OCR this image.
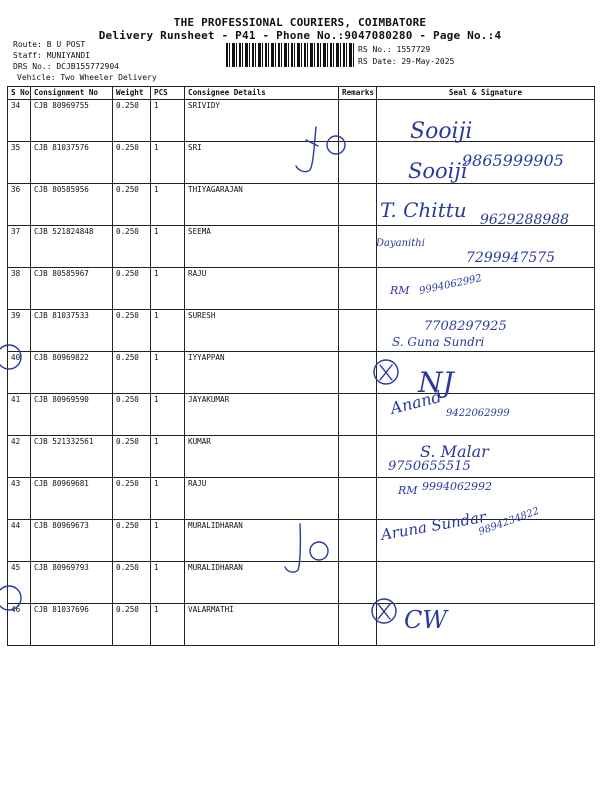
THE PROFESSIONAL COURIERS, COIMBATORE
Delivery Runsheet - P41 - Phone No.:9047080280 - Page No.:4
Route: B U POST
Staff: MUNIYANDI
DRS No.: DCJB155772904
Vehicle: Two Wheeler Delivery
RS No.: 1557729
RS Date: 29-May-2025
S No	Consignment No	Weight	PCS	Consignee Details	Remarks	Seal & Signature
34	CJB 80969755	0.250	1	SRIVIDY		
35	CJB 81037576	0.250	1	SRI		
36	CJB 80585956	0.250	1	THIYAGARAJAN		
37	CJB 521824848	0.250	1	SEEMA		
38	CJB 80585967	0.250	1	RAJU		
39	CJB 81037533	0.250	1	SURESH		
40	CJB 80969822	0.250	1	IYYAPPAN		
41	CJB 80969590	0.250	1	JAYAKUMAR		
42	CJB 521332561	0.250	1	KUMAR		
43	CJB 80969681	0.250	1	RAJU		
44	CJB 80969673	0.250	1	MURALIDHARAN		
45	CJB 80969793	0.250	1	MURALIDHARAN		
46	CJB 81037696	0.250	1	VALARMATHI		
Sooiji
Sooiji
9865999905
T. Chittu 9629288988
Dayanithi
7299947575
RM 9994062992
7708297925
S. Guna Sundri
NJ
Anand 9422062999
S. Malar
9750655515
RM 9994062992
Aruna Sundar
9894234822
CW
